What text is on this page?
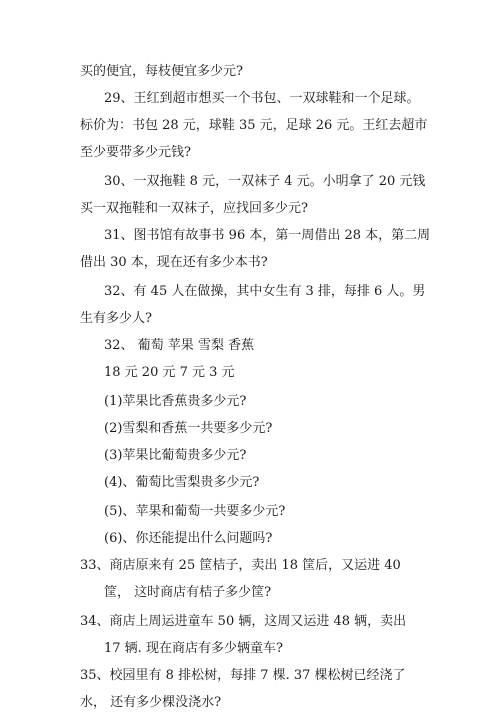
买的便宜，每枝便宜多少元?
29、王红到超市想买一个书包、一双球鞋和一个足球。
标价为：书包 28 元，球鞋 35 元，足球 26 元。王红去超市
至少要带多少元钱?
30、一双拖鞋 8 元，一双袜子 4 元。小明拿了 20 元钱
买一双拖鞋和一双袜子，应找回多少元?
31、图书馆有故事书 96 本，第一周借出 28 本，第二周
借出 30 本，现在还有多少本书?
32、有 45 人在做操，其中女生有 3 排，每排 6 人。男
生有多少人?
32、 葡萄 苹果 雪梨 香蕉
18 元 20 元 7 元 3 元
(1)苹果比香蕉贵多少元?
(2)雪梨和香蕉一共要多少元?
(3)苹果比葡萄贵多少元?
(4)、葡萄比雪梨贵多少元?
(5)、苹果和葡萄一共要多少元?
(6)、你还能提出什么问题吗?
33、商店原来有 25 筐桔子，卖出 18 筐后，又运进 40
筐， 这时商店有桔子多少筐?
34、商店上周运进童车 50 辆，这周又运进 48 辆，卖出
17 辆. 现在商店有多少辆童车?
35、校园里有 8 排松树，每排 7 棵. 37 棵松树已经浇了
水， 还有多少棵没浇水?
